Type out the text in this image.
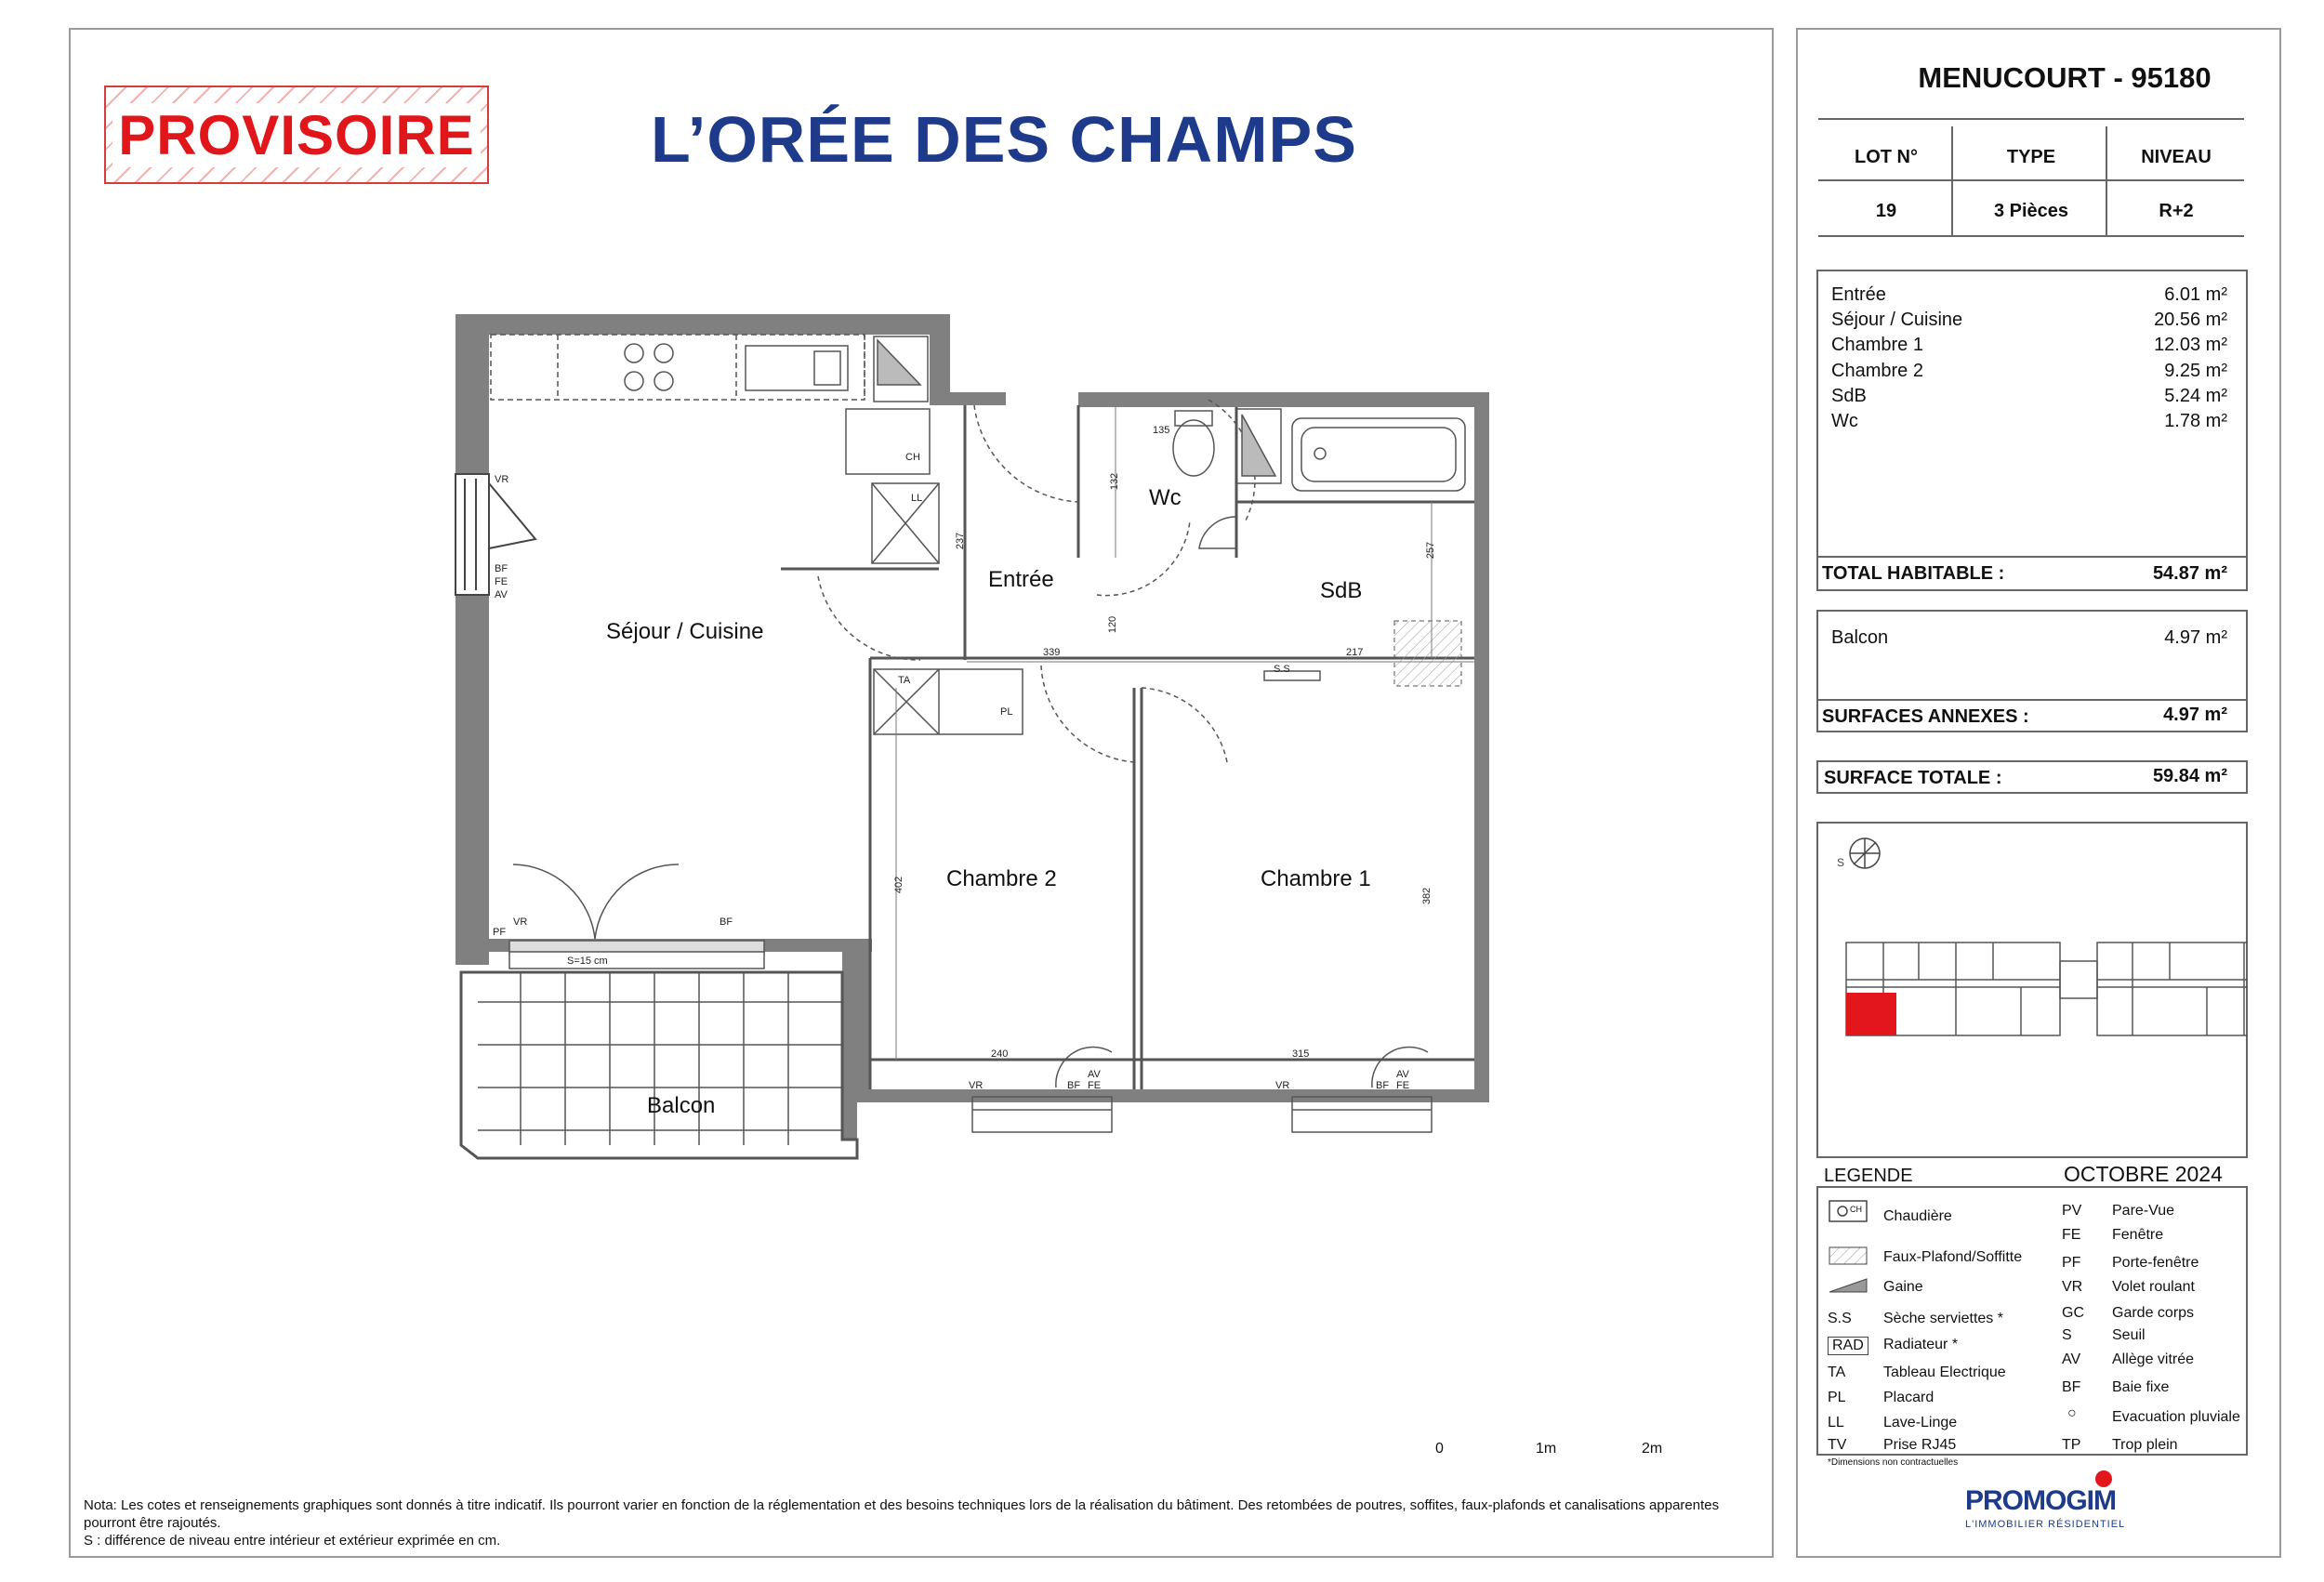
PROVISOIRE	L’ORÉE DES CHAMPS
Séjour / Cuisine
Entrée
Wc
SdB
Chambre 2	Chambre 1
Balcon
135
132
237
120
257
339	217
402
382
240	315
S=15 cm
TA
PL
S.S
CH
LL
VR
FE
BF
AV
PF
VR	BF
VR	BF FE
AV
VR	BF FE
AV
0	1m	2m
Nota: Les cotes et renseignements graphiques sont donnés à titre indicatif. Ils pourront varier en fonction de la réglementation et des besoins techniques lors de la réalisation du bâtiment. Des retombées de poutres, soffites, faux-plafonds et canalisations apparentes pourront être rajoutés.
S : différence de niveau entre intérieur et extérieur exprimée en cm.
MENUCOURT - 95180
LOT N°	TYPE	NIVEAU
19	3 Pièces	R+2
Entrée	6.01 m²
Séjour / Cuisine	20.56 m²
Chambre 1	12.03 m²
Chambre 2	9.25 m²
SdB	5.24 m²
Wc	1.78 m²
TOTAL HABITABLE :	54.87 m²
Balcon	4.97 m²
SURFACES ANNEXES :	4.97 m²
SURFACE TOTALE :	59.84 m²
S
LEGENDE	OCTOBRE 2024
CH Chaudière
Faux-Plafond/Soffitte
Gaine
S.S Sèche serviettes *
RAD	Radiateur *
TA	Tableau Electrique
PL	Placard
LL	Lave-Linge
TV Prise RJ45
PV Pare-Vue
FE Fenêtre
PF Porte-fenêtre
VR Volet roulant
GC Garde corps
S	Seuil
AV Allège vitrée
BF Baie fixe
○ Evacuation pluviale
TP Trop plein
*Dimensions non contractuelles
PROMOGIM
L'IMMOBILIER RÉSIDENTIEL
